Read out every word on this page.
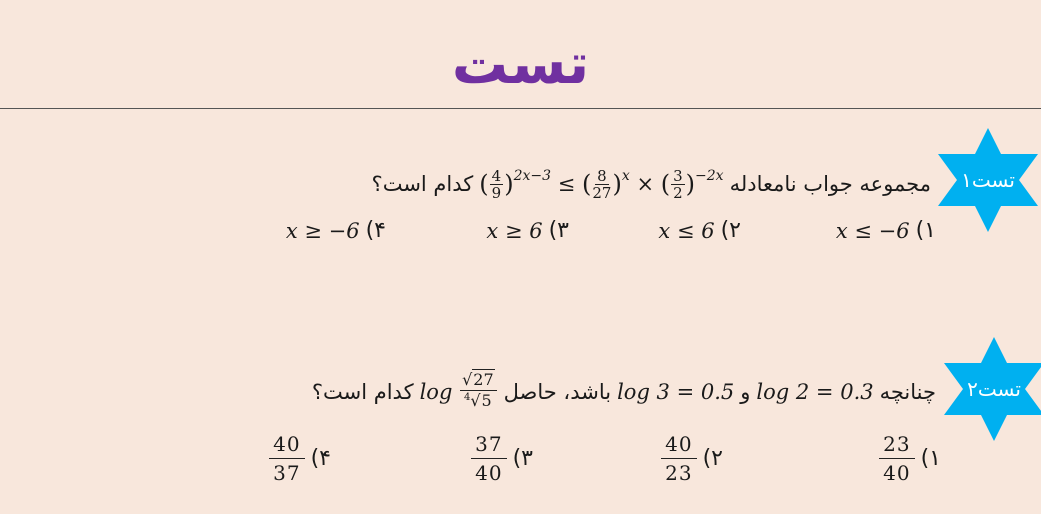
تست
تست۱
مجموعه جواب نامعادله
( $\frac{4}{9}$ ) $^{2x-3}$
≤
( $\frac{8}{27}$ ) $^x$
×
( $\frac{3}{2}$ ) $^{-2x}$
کدام است؟
۱)
x ≤ −6
۲)
x ≤ 6
۳)
x ≥ 6
۴)
x ≥ −6
تست۲
چنانچه
log 2 = 0.3
و
log 3 = 0.5
باشد، حاصل
log
$\frac{√27}{^4√5}$
کدام است؟
۱)
$\frac{23}{40}$
۲)
$\frac{40}{23}$
۳)
$\frac{37}{40}$
۴)
$\frac{40}{37}$
